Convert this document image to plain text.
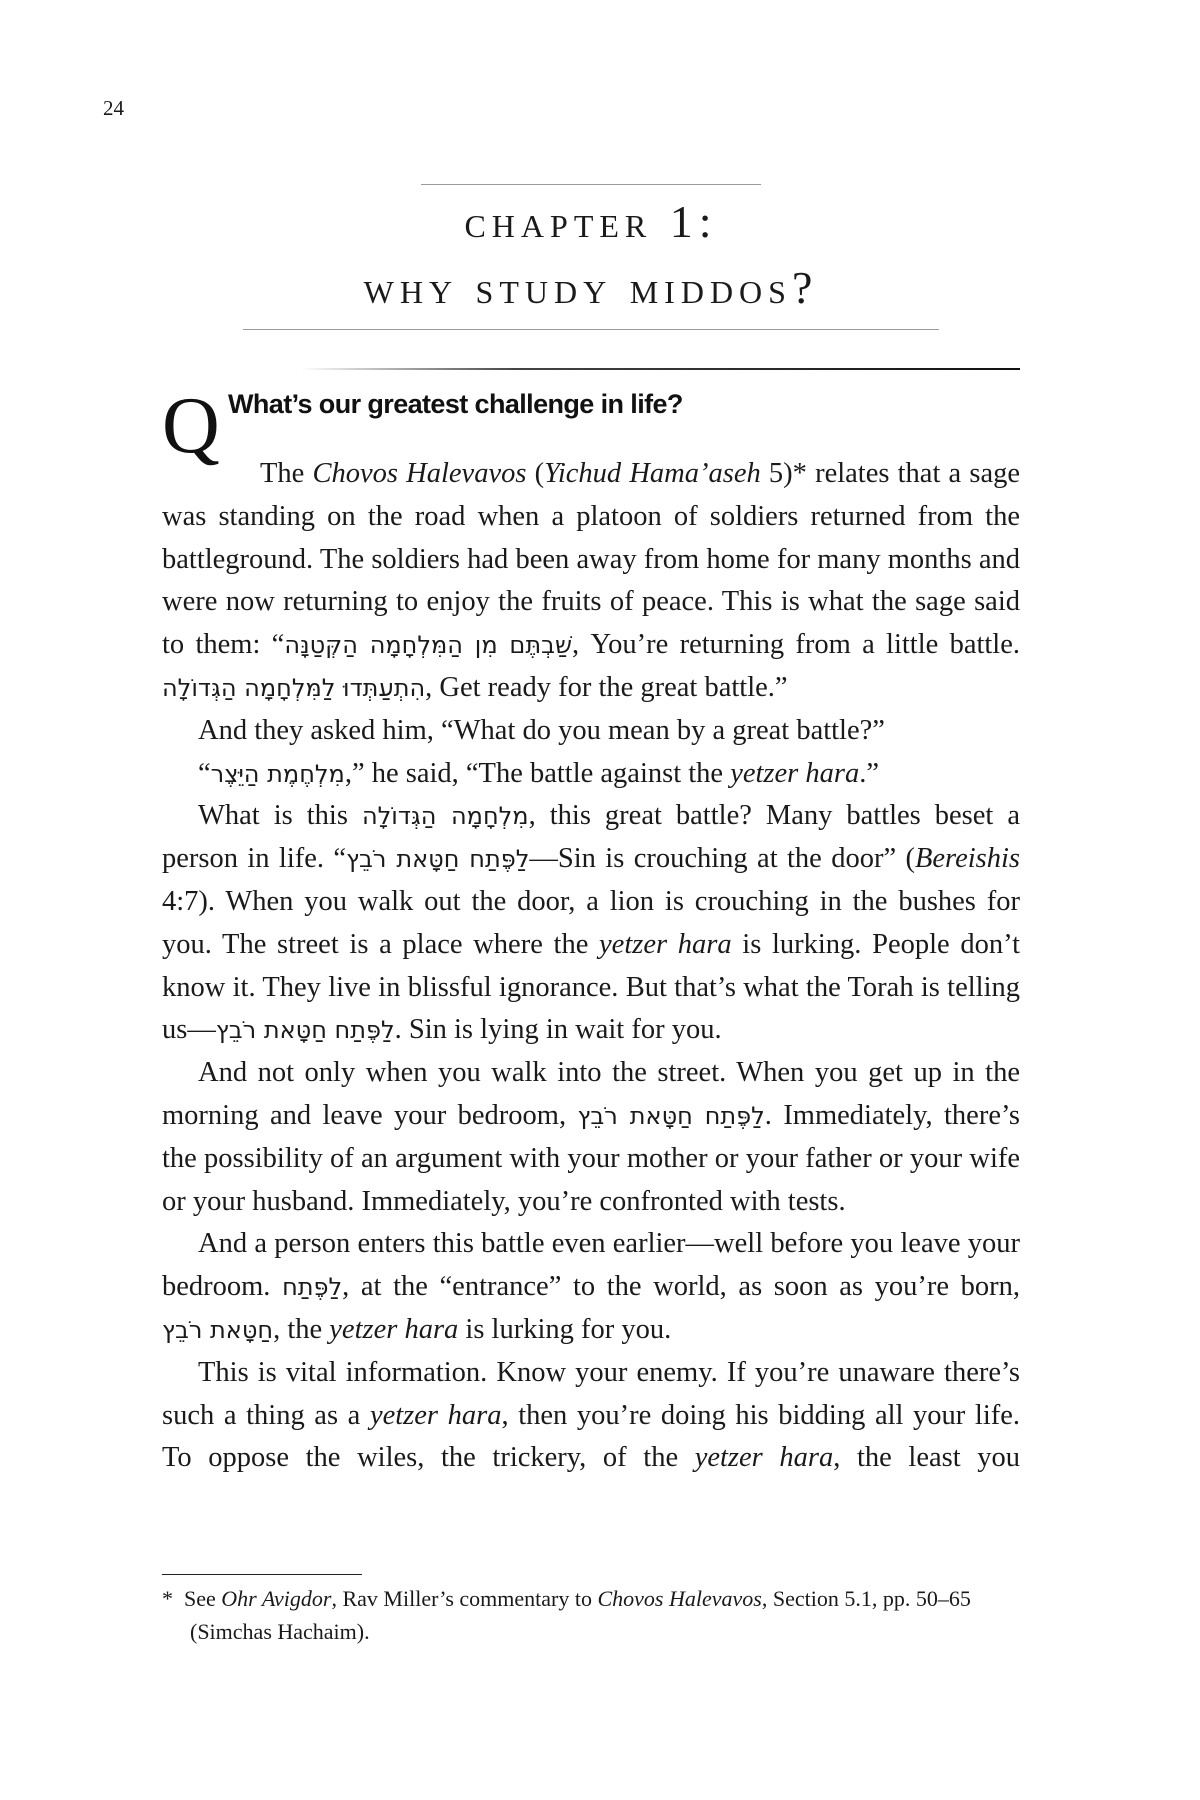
24
chapter 1:
why study middos?
Q What’s our greatest challenge in life?

The Chovos Halevavos (Yichud Hama’aseh 5)* relates that a sage was standing on the road when a platoon of soldiers returned from the battleground. The soldiers had been away from home for many months and were now returning to enjoy the fruits of peace. This is what the sage said to them: “שַׁבְתֶּם מִן הַמִּלְחָמָה הַקְּטַנָּה, You’re returning from a little battle. הִתְעַתְּדוּ לַמִּלְחָמָה הַגְּדוֹלָה, Get ready for the great battle.”

And they asked him, “What do you mean by a great battle?”

“מִלְחֶמֶת הַיֵּצֶר,” he said, “The battle against the yetzer hara.”

What is this מִלְחָמָה הַגְּדוֹלָה, this great battle? Many battles beset a person in life. “לַפֶּתַח חַטָּאת רֹבֵץ—Sin is crouching at the door” (Bereishis 4:7). When you walk out the door, a lion is crouching in the bushes for you. The street is a place where the yetzer hara is lurking. People don’t know it. They live in blissful ignorance. But that’s what the Torah is telling us—לַפֶּתַח חַטָּאת רֹבֵץ. Sin is lying in wait for you.

And not only when you walk into the street. When you get up in the morning and leave your bedroom, לַפֶּתַח חַטָּאת רֹבֵץ. Immediately, there’s the possibility of an argument with your mother or your father or your wife or your husband. Immediately, you’re confronted with tests.

And a person enters this battle even earlier—well before you leave your bedroom. לַפֶּתַח, at the “entrance” to the world, as soon as you’re born, חַטָּאת רֹבֵץ, the yetzer hara is lurking for you.

This is vital information. Know your enemy. If you’re unaware there’s such a thing as a yetzer hara, then you’re doing his bidding all your life. To oppose the wiles, the trickery, of the yetzer hara, the least you

* See Ohr Avigdor, Rav Miller’s commentary to Chovos Halevavos, Section 5.1, pp. 50–65 (Simchas Hachaim).
